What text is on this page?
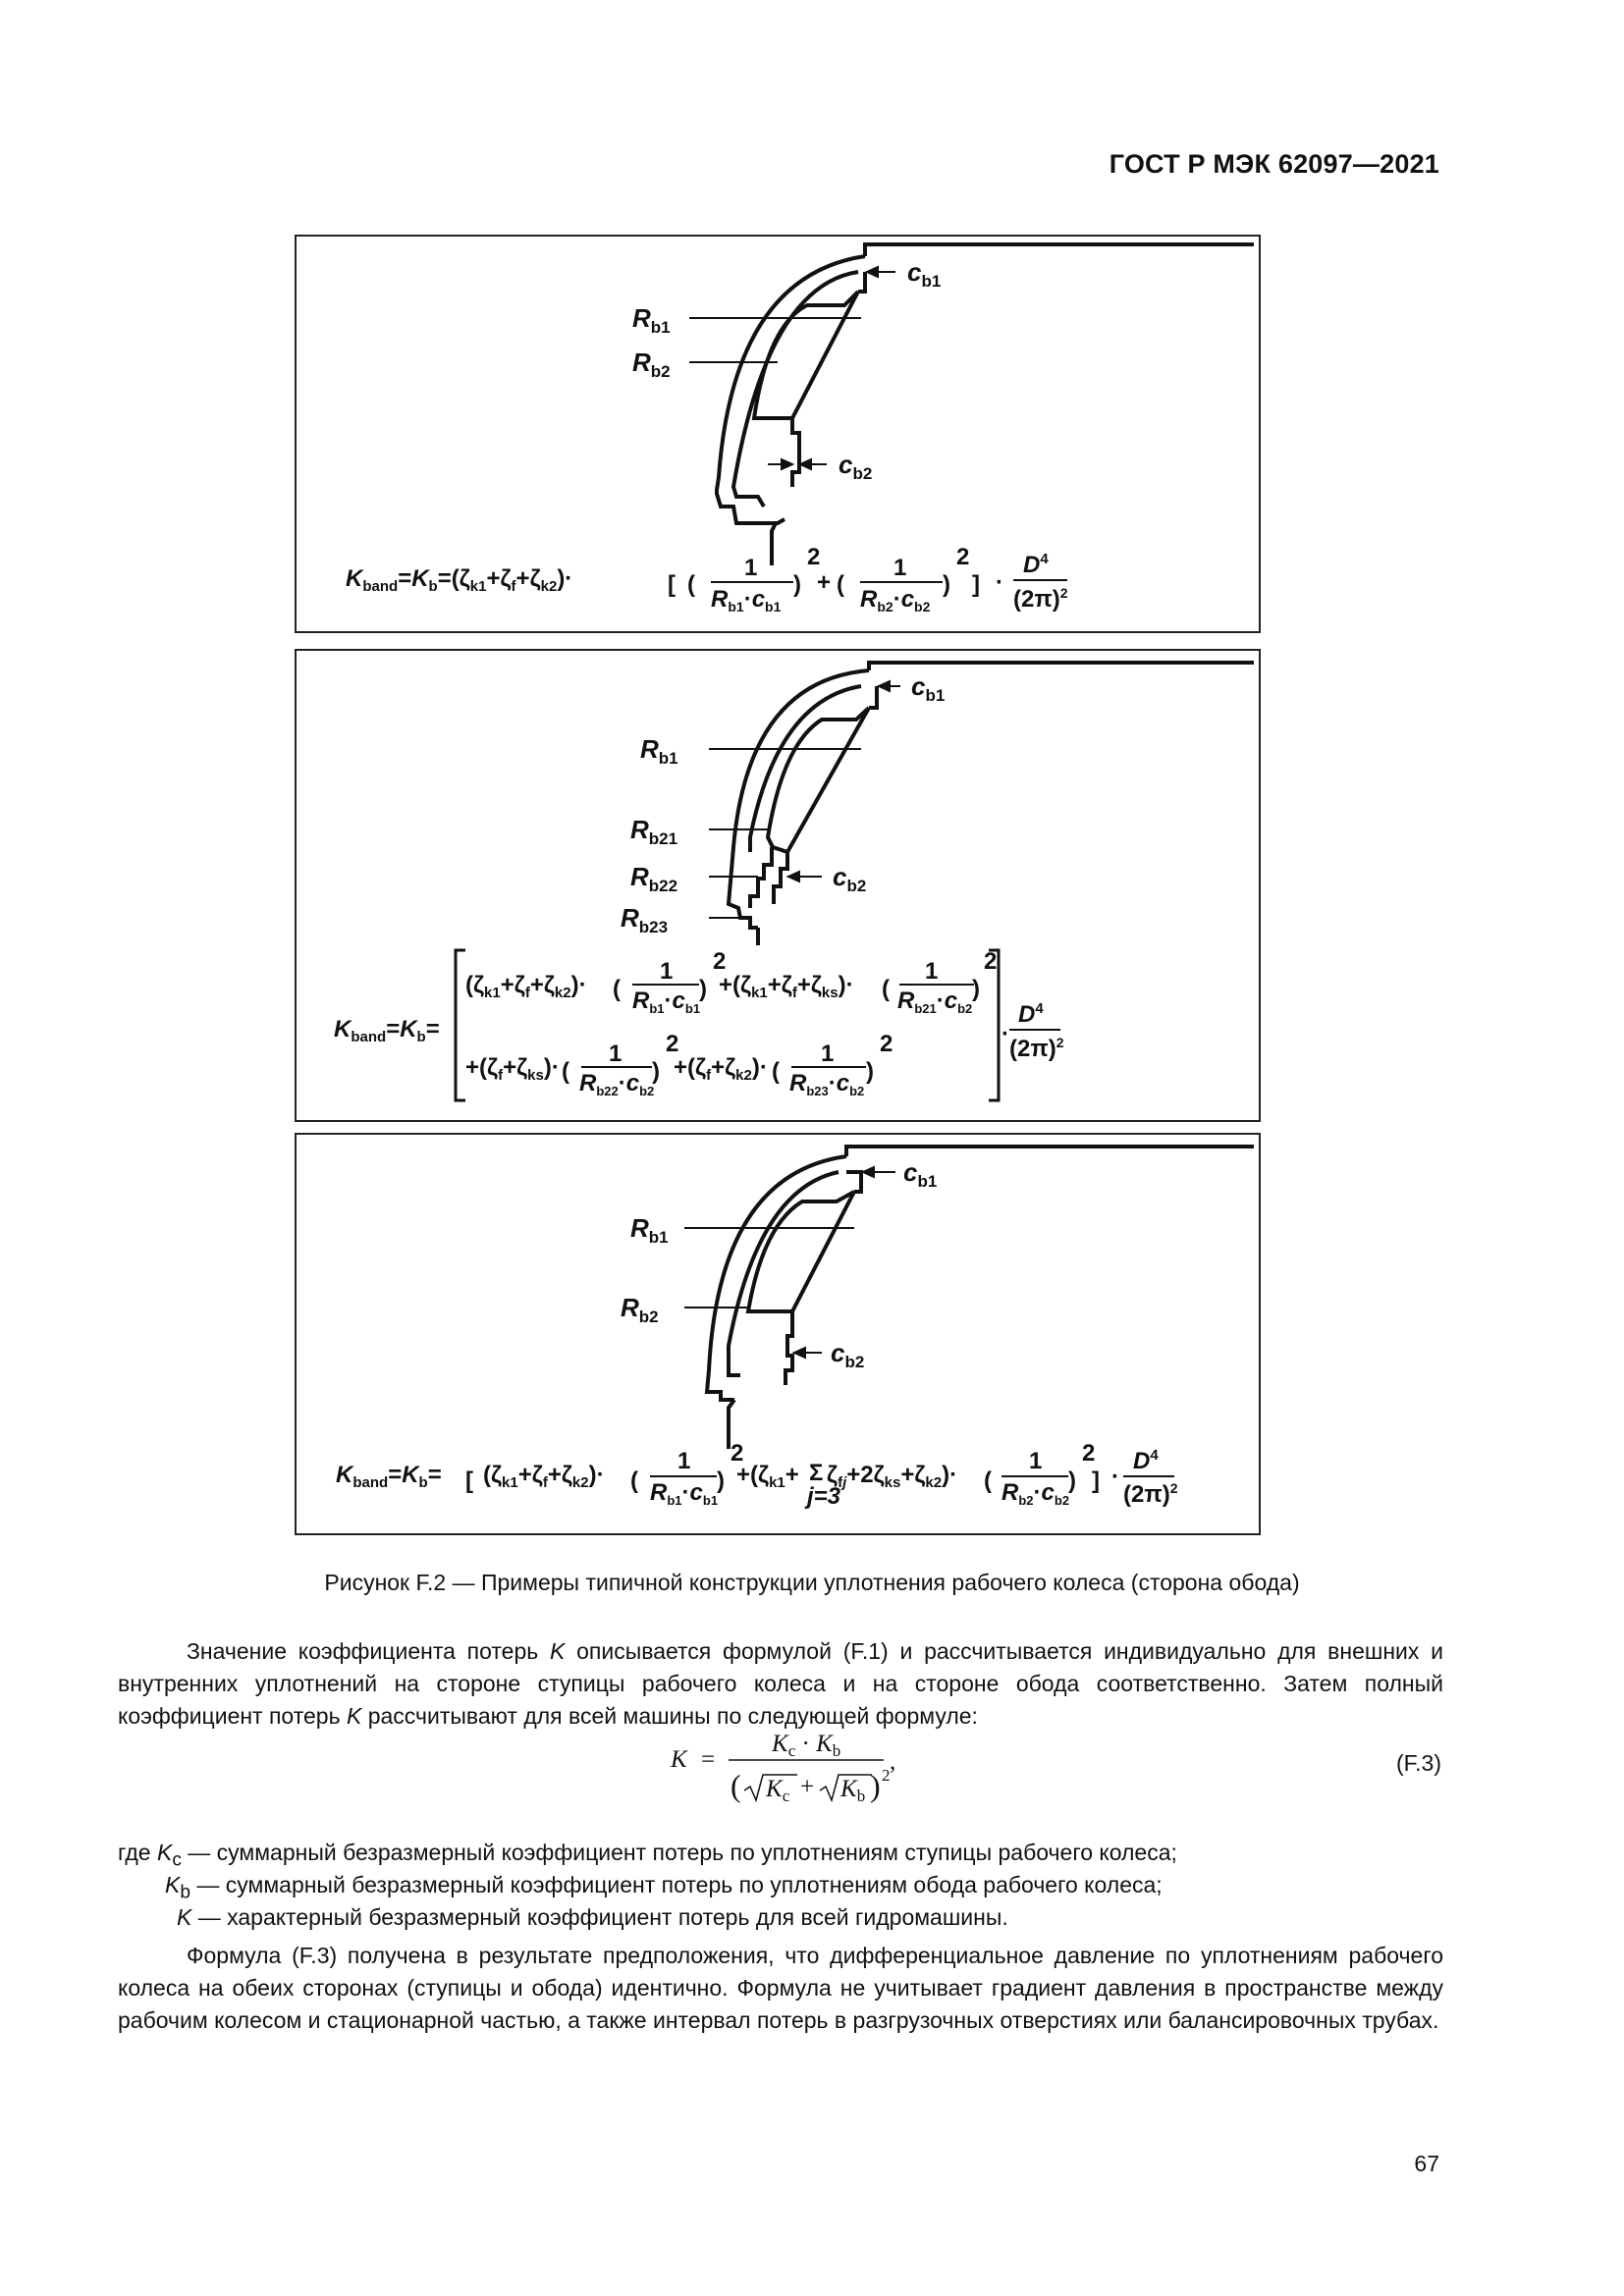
ГОСТ Р МЭК 62097—2021
$c_{b1}$
$R_{b1}$
$R_{b2}$
$c_{b2}$
$K_{band}=K_b=(\zeta_{k1}+\zeta_f+\zeta_{k2})\cdot$	[ (
1
$R_{b1}\cdot c_{b1}$
)
2
+ (
1
$R_{b2}\cdot c_{b2}$
)
2
] ·
$D^4$
$(2\pi)^2$
$c_{b1}$
$R_{b1}$
$R_{b21}$
$R_{b22}$	$c_{b2}$
$R_{b23}$
$K_{band}=K_b=$
$(\zeta_{k1}+\zeta_f+\zeta_{k2})\cdot$ (
1
$R_{b1}\cdot c_{b1}$
)
2
$+(\zeta_{k1}+\zeta_f+\zeta_{ks})\cdot$ (
1
$R_{b21}\cdot c_{b2}$
)
2
$+(\zeta_f+\zeta_{ks})\cdot$ (
1
$R_{b22}\cdot c_{b2}$
)
2
$+(\zeta_f+\zeta_{k2})\cdot$ (
1
$R_{b23}\cdot c_{b2}$
)
2	·
$D^4$
$(2\pi)^2$
$c_{b1}$
$R_{b1}$
$R_{b2}$
$c_{b2}$
$K_{band}=K_b=$ [ $(\zeta_{k1}+\zeta_f+\zeta_{k2})\cdot$ (
1
$R_{b1}\cdot c_{b1}$
)
2
$+(\zeta_{k1}+ \Sigma$
j=3
$\zeta_{fj}+2\zeta_{ks}+\zeta_{k2})\cdot$ (
1
$R_{b2}\cdot c_{b2}$
)
2
] ·
$D^4$
$(2\pi)^2$
Рисунок F.2 — Примеры типичной конструкции уплотнения рабочего колеса (сторона обода)
Значение коэффициента потерь K описывается формулой (F.1) и рассчитывается индивидуально для внешних и внутренних уплотнений на стороне ступицы рабочего колеса и на стороне обода соответственно. Затем полный коэффициент потерь K рассчитывают для всей машины по следующей формуле:
K =
$K_c \cdot K_b$
( $K_c + K_b$ ) 2
,	(F.3)
где $K_c$ — суммарный безразмерный коэффициент потерь по уплотнениям ступицы рабочего колеса;
$K_b$ — суммарный безразмерный коэффициент потерь по уплотнениям обода рабочего колеса;
K — характерный безразмерный коэффициент потерь для всей гидромашины.
Формула (F.3) получена в результате предположения, что дифференциальное давление по уплотнениям рабочего колеса на обеих сторонах (ступицы и обода) идентично. Формула не учитывает градиент давления в пространстве между рабочим колесом и стационарной частью, а также интервал потерь в разгрузочных отверстиях или балансировочных трубах.
67
